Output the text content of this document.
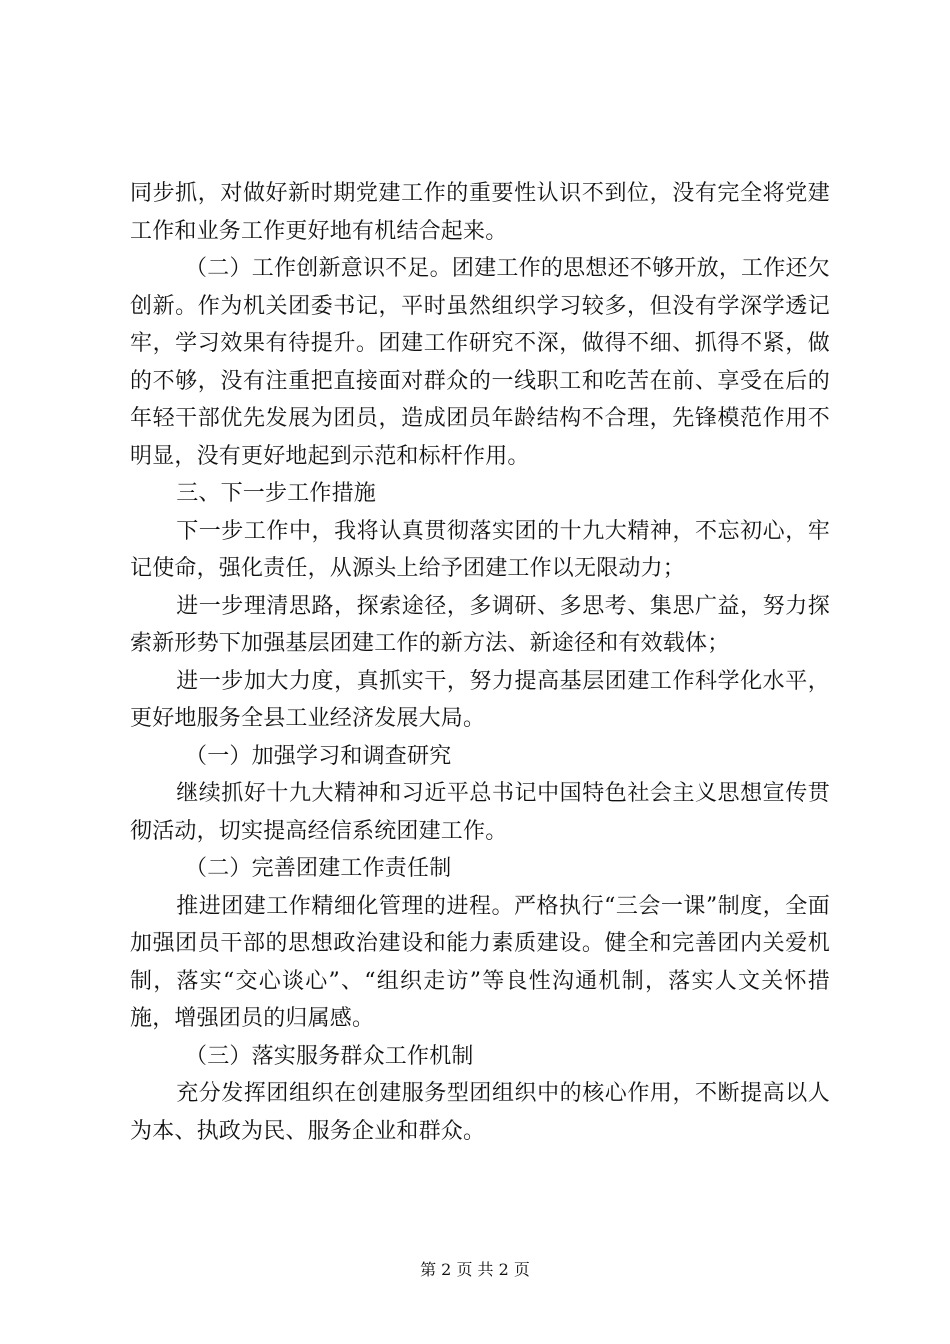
同步抓，对做好新时期党建工作的重要性认识不到位，没有完全将党建工作和业务工作更好地有机结合起来。

（二）工作创新意识不足。团建工作的思想还不够开放，工作还欠创新。作为机关团委书记，平时虽然组织学习较多，但没有学深学透记牢，学习效果有待提升。团建工作研究不深，做得不细、抓得不紧，做的不够，没有注重把直接面对群众的一线职工和吃苦在前、享受在后的年轻干部优先发展为团员，造成团员年龄结构不合理，先锋模范作用不明显，没有更好地起到示范和标杆作用。

三、下一步工作措施

下一步工作中，我将认真贯彻落实团的十九大精神，不忘初心，牢记使命，强化责任，从源头上给予团建工作以无限动力；

进一步理清思路，探索途径，多调研、多思考、集思广益，努力探索新形势下加强基层团建工作的新方法、新途径和有效载体；

进一步加大力度，真抓实干，努力提高基层团建工作科学化水平，更好地服务全县工业经济发展大局。

（一）加强学习和调查研究

继续抓好十九大精神和习近平总书记中国特色社会主义思想宣传贯彻活动，切实提高经信系统团建工作。

（二）完善团建工作责任制

推进团建工作精细化管理的进程。严格执行“三会一课”制度，全面加强团员干部的思想政治建设和能力素质建设。健全和完善团内关爱机制，落实“交心谈心”、“组织走访”等良性沟通机制，落实人文关怀措施，增强团员的归属感。

（三）落实服务群众工作机制

充分发挥团组织在创建服务型团组织中的核心作用，不断提高以人为本、执政为民、服务企业和群众。

第 2 页 共 2 页
